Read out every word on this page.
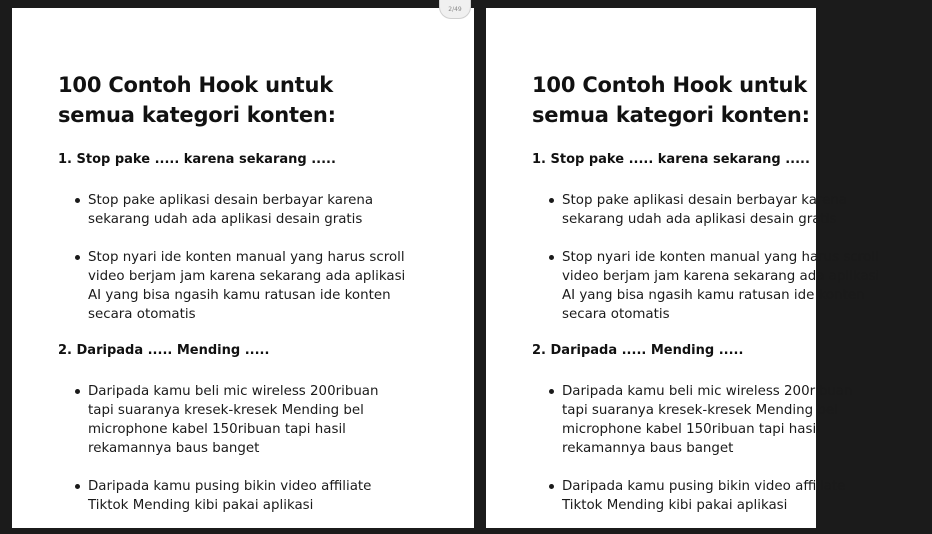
100 Contoh Hook untuk
semua kategori konten:
1. Stop pake ..... karena sekarang .....
Stop pake aplikasi desain berbayar karena
sekarang udah ada aplikasi desain gratis
Stop nyari ide konten manual yang harus scroll
video berjam jam karena sekarang ada aplikasi
AI yang bisa ngasih kamu ratusan ide konten
secara otomatis
2. Daripada ..... Mending .....
Daripada kamu beli mic wireless 200ribuan
tapi suaranya kresek-kresek Mending bel
microphone kabel 150ribuan tapi hasil
rekamannya baus banget
Daripada kamu pusing bikin video affiliate
Tiktok Mending kibi pakai aplikasi
2/49
100 Contoh Hook untuk
semua kategori konten:
1. Stop pake ..... karena sekarang .....
Stop pake aplikasi desain berbayar karena
sekarang udah ada aplikasi desain gratis
Stop nyari ide konten manual yang harus scroll
video berjam jam karena sekarang ada aplikasi
AI yang bisa ngasih kamu ratusan ide konten
secara otomatis
2. Daripada ..... Mending .....
Daripada kamu beli mic wireless 200ribuan
tapi suaranya kresek-kresek Mending bel
microphone kabel 150ribuan tapi hasil
rekamannya baus banget
Daripada kamu pusing bikin video affiliate
Tiktok Mending kibi pakai aplikasi
